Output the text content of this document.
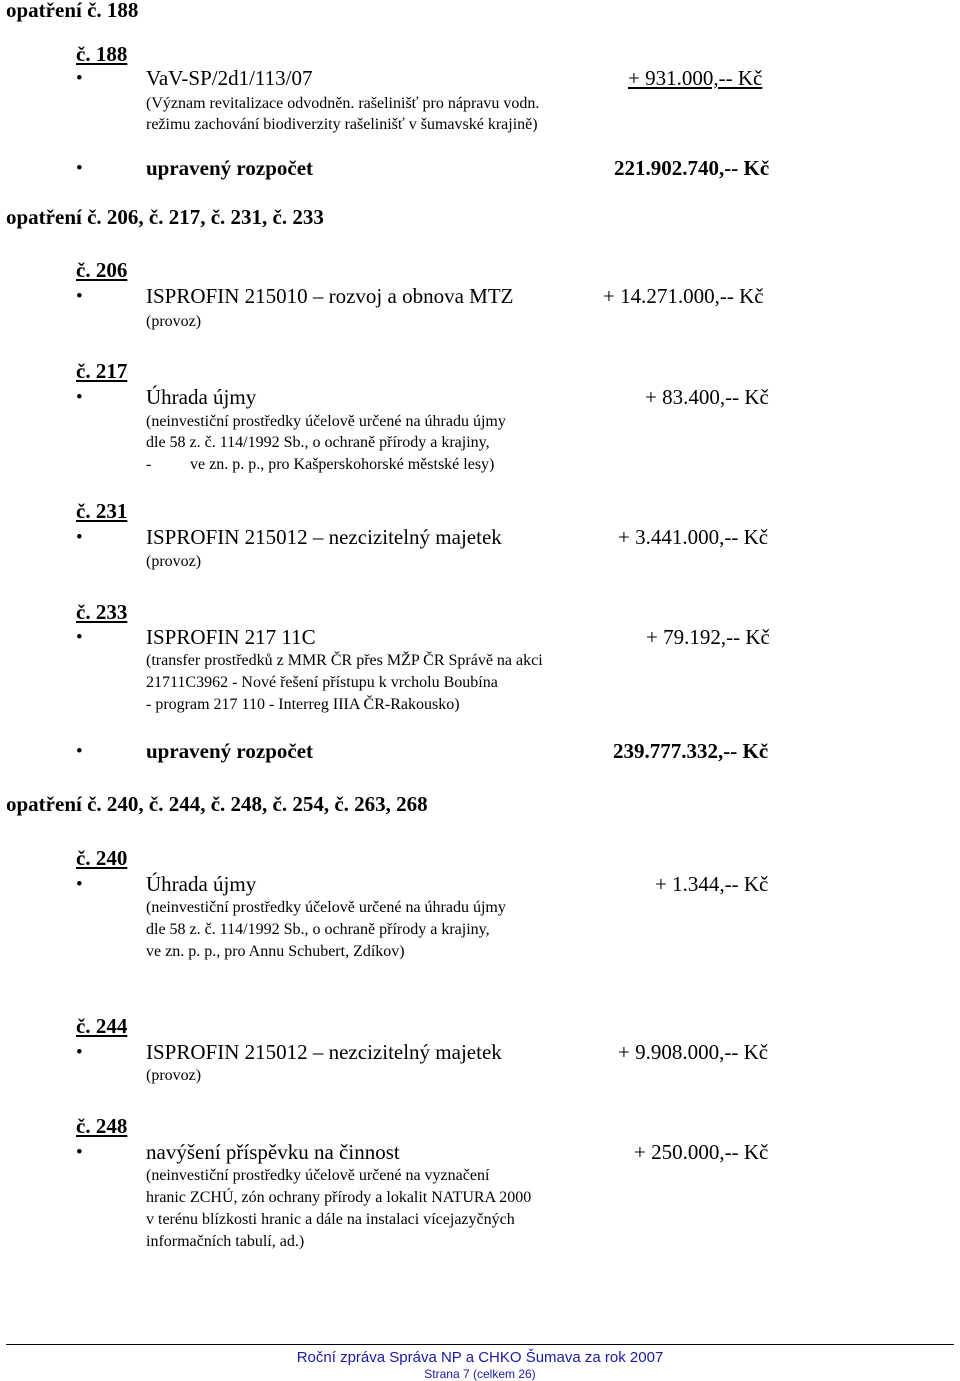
opatření č. 188
č. 188
•	VaV-SP/2d1/113/07	+ 931.000,-- Kč
(Význam revitalizace odvodněn. rašelinišť pro nápravu vodn.
režimu zachování biodiverzity rašelinišť v šumavské krajině)
•	upravený rozpočet	221.902.740,-- Kč
opatření č. 206, č. 217, č. 231, č. 233
č. 206
•	ISPROFIN 215010 – rozvoj a obnova MTZ	+ 14.271.000,-- Kč
(provoz)
č. 217
•	Úhrada újmy	+ 83.400,-- Kč
(neinvestiční prostředky účelově určené na úhradu újmy
dle 58 z. č. 114/1992 Sb., o ochraně přírody a krajiny,
- ve zn. p. p., pro Kašperskohorské městské lesy)
č. 231
•	ISPROFIN 215012 – nezcizitelný majetek	+ 3.441.000,-- Kč
(provoz)
č. 233
•	ISPROFIN 217 11C	+ 79.192,-- Kč
(transfer prostředků z MMR ČR přes MŽP ČR Správě na akci
21711C3962 - Nové řešení přístupu k vrcholu Boubína
- program 217 110 - Interreg IIIA ČR-Rakousko)
•	upravený rozpočet	239.777.332,-- Kč
opatření č. 240, č. 244, č. 248, č. 254, č. 263, 268
č. 240
•	Úhrada újmy	+ 1.344,-- Kč
(neinvestiční prostředky účelově určené na úhradu újmy
dle 58 z. č. 114/1992 Sb., o ochraně přírody a krajiny,
ve zn. p. p., pro Annu Schubert, Zdíkov)
č. 244
•	ISPROFIN 215012 – nezcizitelný majetek	+ 9.908.000,-- Kč
(provoz)
č. 248
•	navýšení příspěvku na činnost	+ 250.000,-- Kč
(neinvestiční prostředky účelově určené na vyznačení
hranic ZCHÚ, zón ochrany přírody a lokalit NATURA 2000
v terénu blízkosti hranic a dále na instalaci vícejazyčných
informačních tabulí, ad.)
Roční zpráva Správa NP a CHKO Šumava za rok 2007
Strana 7 (celkem 26)
